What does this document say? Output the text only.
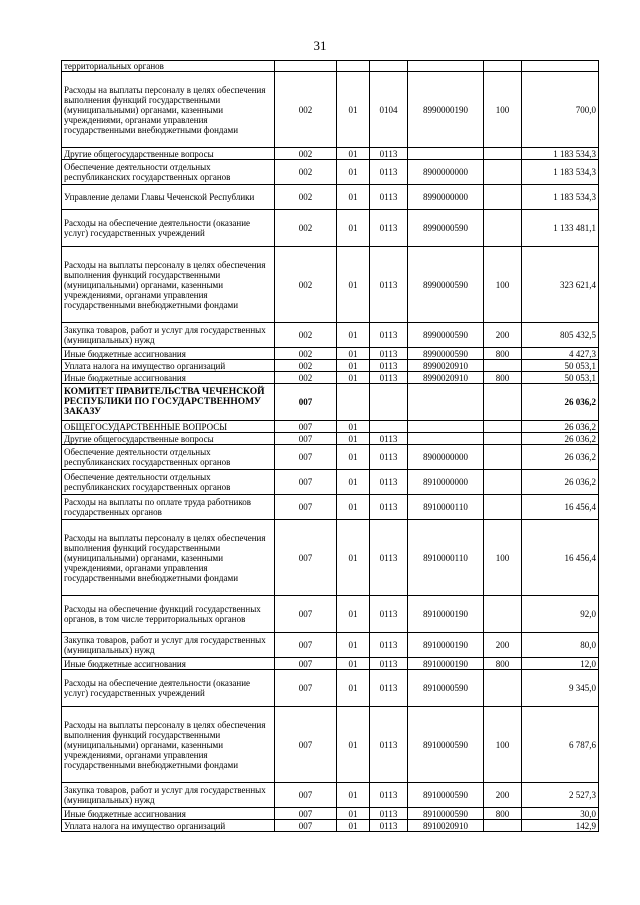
31
территориальных органов						
Расходы на выплаты персоналу в целях обеспечения выполнения функций государственными (муниципальными) органами, казенными учреждениями, органами управления государственными внебюджетными фондами	002	01	0104	8990000190	100	700,0
Другие общегосударственные вопросы	002	01	0113			1 183 534,3
Обеспечение деятельности отдельных республиканских государственных органов	002	01	0113	8900000000		1 183 534,3
Управление делами Главы Чеченской Республики	002	01	0113	8990000000		1 183 534,3
Расходы на обеспечение деятельности (оказание услуг) государственных учреждений	002	01	0113	8990000590		1 133 481,1
Расходы на выплаты персоналу в целях обеспечения выполнения функций государственными (муниципальными) органами, казенными учреждениями, органами управления государственными внебюджетными фондами	002	01	0113	8990000590	100	323 621,4
Закупка товаров, работ и услуг для государственных (муниципальных) нужд	002	01	0113	8990000590	200	805 432,5
Иные бюджетные ассигнования	002	01	0113	8990000590	800	4 427,3
Уплата налога на имущество организаций	002	01	0113	8990020910		50 053,1
Иные бюджетные ассигнования	002	01	0113	8990020910	800	50 053,1
КОМИТЕТ ПРАВИТЕЛЬСТВА ЧЕЧЕНСКОЙ РЕСПУБЛИКИ ПО ГОСУДАРСТВЕННОМУ ЗАКАЗУ	007					26 036,2
ОБЩЕГОСУДАРСТВЕННЫЕ ВОПРОСЫ	007	01				26 036,2
Другие общегосударственные вопросы	007	01	0113			26 036,2
Обеспечение деятельности отдельных республиканских государственных органов	007	01	0113	8900000000		26 036,2
Обеспечение деятельности отдельных республиканских государственных органов	007	01	0113	8910000000		26 036,2
Расходы на выплаты по оплате труда работников государственных органов	007	01	0113	8910000110		16 456,4
Расходы на выплаты персоналу в целях обеспечения выполнения функций государственными (муниципальными) органами, казенными учреждениями, органами управления государственными внебюджетными фондами	007	01	0113	8910000110	100	16 456,4
Расходы на обеспечение функций государственных органов, в том числе территориальных органов	007	01	0113	8910000190		92,0
Закупка товаров, работ и услуг для государственных (муниципальных) нужд	007	01	0113	8910000190	200	80,0
Иные бюджетные ассигнования	007	01	0113	8910000190	800	12,0
Расходы на обеспечение деятельности (оказание услуг) государственных учреждений	007	01	0113	8910000590		9 345,0
Расходы на выплаты персоналу в целях обеспечения выполнения функций государственными (муниципальными) органами, казенными учреждениями, органами управления государственными внебюджетными фондами	007	01	0113	8910000590	100	6 787,6
Закупка товаров, работ и услуг для государственных (муниципальных) нужд	007	01	0113	8910000590	200	2 527,3
Иные бюджетные ассигнования	007	01	0113	8910000590	800	30,0
Уплата налога на имущество организаций	007	01	0113	8910020910		142,9
